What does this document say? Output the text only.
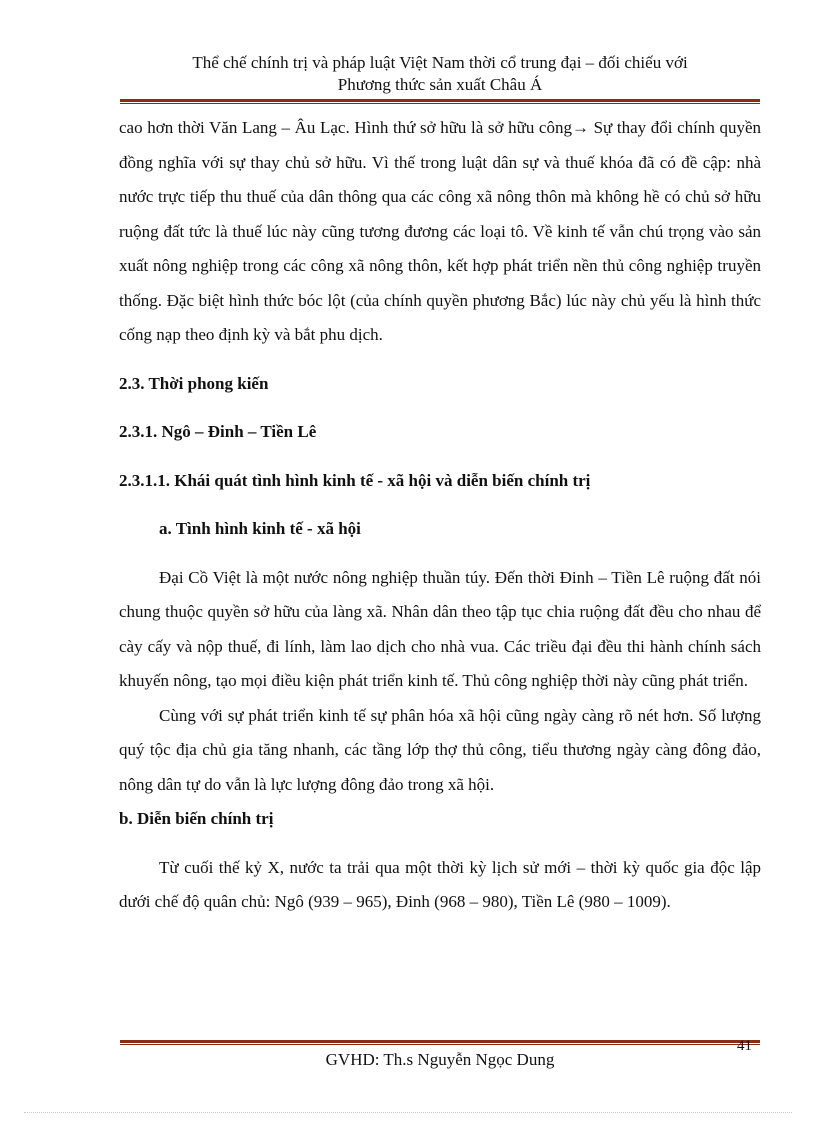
Thể chế chính trị và pháp luật Việt Nam thời cổ trung đại – đối chiếu với
Phương thức sản xuất Châu Á

cao hơn thời Văn Lang – Âu Lạc. Hình thứ sở hữu là sở hữu công→ Sự thay đổi chính quyền đồng nghĩa với sự thay chủ sở hữu. Vì thế trong luật dân sự và thuế khóa đã có đề cập: nhà nước trực tiếp thu thuế của dân thông qua các công xã nông thôn mà không hề có chủ sở hữu ruộng đất tức là thuế lúc này cũng tương đương các loại tô. Về kinh tế vẫn chú trọng vào sản xuất nông nghiệp trong các công xã nông thôn, kết hợp phát triển nền thủ công nghiệp truyền thống. Đặc biệt hình thức bóc lột (của chính quyền phương Bắc) lúc này chủ yếu là hình thức cống nạp theo định kỳ và bắt phu dịch.

2.3. Thời phong kiến

2.3.1. Ngô – Đinh – Tiền Lê

2.3.1.1. Khái quát tình hình kinh tế - xã hội và diễn biến chính trị

a. Tình hình kinh tế - xã hội

Đại Cồ Việt là một nước nông nghiệp thuần túy. Đến thời Đinh – Tiền Lê ruộng đất nói chung thuộc quyền sở hữu của làng xã. Nhân dân theo tập tục chia ruộng đất đều cho nhau để cày cấy và nộp thuế, đi lính, làm lao dịch cho nhà vua. Các triều đại đều thi hành chính sách khuyến nông, tạo mọi điều kiện phát triển kinh tế. Thủ công nghiệp thời này cũng phát triển.

Cùng với sự phát triển kinh tế sự phân hóa xã hội cũng ngày càng rõ nét hơn. Số lượng quý tộc địa chủ gia tăng nhanh, các tầng lớp thợ thủ công, tiểu thương ngày càng đông đảo, nông dân tự do vẫn là lực lượng đông đảo trong xã hội.

b. Diễn biến chính trị

Từ cuối thế kỷ X, nước ta trải qua một thời kỳ lịch sử mới – thời kỳ quốc gia độc lập dưới chế độ quân chủ: Ngô (939 – 965), Đinh (968 – 980), Tiền Lê (980 – 1009).

41
GVHD: Th.s Nguyễn Ngọc Dung
